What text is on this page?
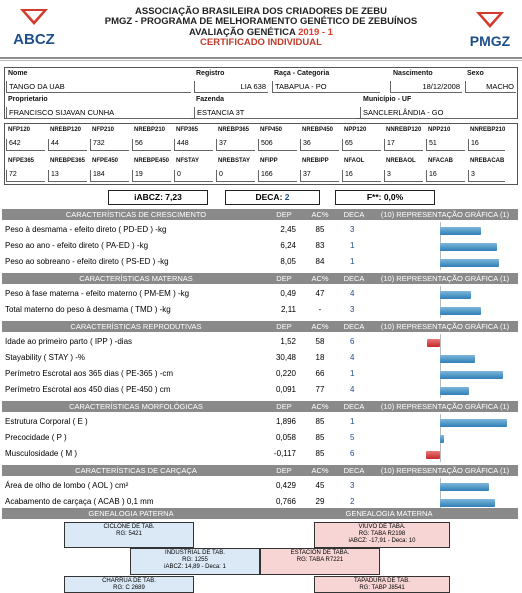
ABCZ	PMGZ
ASSOCIAÇÃO BRASILEIRA DOS CRIADORES DE ZEBU
PMGZ - PROGRAMA DE MELHORAMENTO GENÉTICO DE ZEBUÍNOS
AVALIAÇÃO GENÉTICA 2019 - 1
CERTIFICADO INDIVIDUAL
Nome
TANGO DA UAB
Registro
LIA 638
Raça - Categoria
TABAPUA - PO
Nascimento
18/12/2008
Sexo
MACHO
Proprietario
FRANCISCO SIJAVAN CUNHA
Fazenda
ESTANCIA 3T
Município - UF
SANCLERLÂNDIA - GO
NFP120
642
NREBP120
44
NFP210
732
NREBP210
56
NFP365
448
NREBP365
37
NFP450
506
NREBP450
36
NPP120
65
NNREBP120
17
NPP210
51
NNREBP210
16
NFPE365
72
NREBPE365
13
NFPE450
184
NREBPE450
19
NFSTAY
0
NREBSTAY
0
NFIPP
166
NREBIPP
37
NFAOL
16
NREBAOL
3
NFACAB
16
NREBACAB
3
iABCZ: 7,23	DECA: 2	F**: 0,0%
CARACTERÍSTICAS DE CRESCIMENTO	DEP	AC%	DECA	(10) REPRESENTAÇÃO GRÁFICA (1)
Peso à desmama - efeito direto ( PD-ED ) -kg	2,45	85	3
Peso ao ano - efeito direto ( PA-ED ) -kg	6,24	83	1
Peso ao sobreano - efeito direto ( PS-ED ) -kg	8,05	84	1
CARACTERÍSTICAS MATERNAS	DEP	AC%	DECA	(10) REPRESENTAÇÃO GRÁFICA (1)
Peso à fase materna - efeito materno ( PM-EM ) -kg	0,49	47	4
Total materno do peso à desmama ( TMD ) -kg	2,11	-	3
CARACTERÍSTICAS REPRODUTIVAS	DEP	AC%	DECA	(10) REPRESENTAÇÃO GRÁFICA (1)
Idade ao primeiro parto ( IPP ) -dias	1,52	58	6
Stayability ( STAY ) -%	30,48	18	4
Perímetro Escrotal aos 365 dias ( PE-365 ) -cm	0,220	66	1
Perímetro Escrotal aos 450 dias ( PE-450 ) cm	0,091	77	4
CARACTERÍSTICAS MORFOLÓGICAS	DEP	AC%	DECA	(10) REPRESENTAÇÃO GRÁFICA (1)
Estrutura Corporal ( E )	1,896	85	1
Precocidade ( P )	0,058	85	5
Musculosidade ( M )	-0,117	85	6
CARACTERÍSTICAS DE CARÇAÇA	DEP	AC%	DECA	(10) REPRESENTAÇÃO GRÁFICA (1)
Área de olho de lombo ( AOL ) cm²	0,429	45	3
Acabamento de carçaça ( ACAB ) 0,1 mm	0,766	29	2
GENEALOGIA PATERNA	GENEALOGIA MATERNA
CICLONE DE TAB.
RG: 5421
INDUSTRIAL DE TAB.
RG: 1255
iABCZ: 14,89 - Deca: 1
CHARRUA DE TAB.
RG: C 2689
VIUVO DE TABA.
RG: TABA R2198
iABCZ: -17,91 - Deca: 10
ESTACION DE TABA.
RG: TABA R7221
TAPADURA DE TAB.
RG: TABP J8541
